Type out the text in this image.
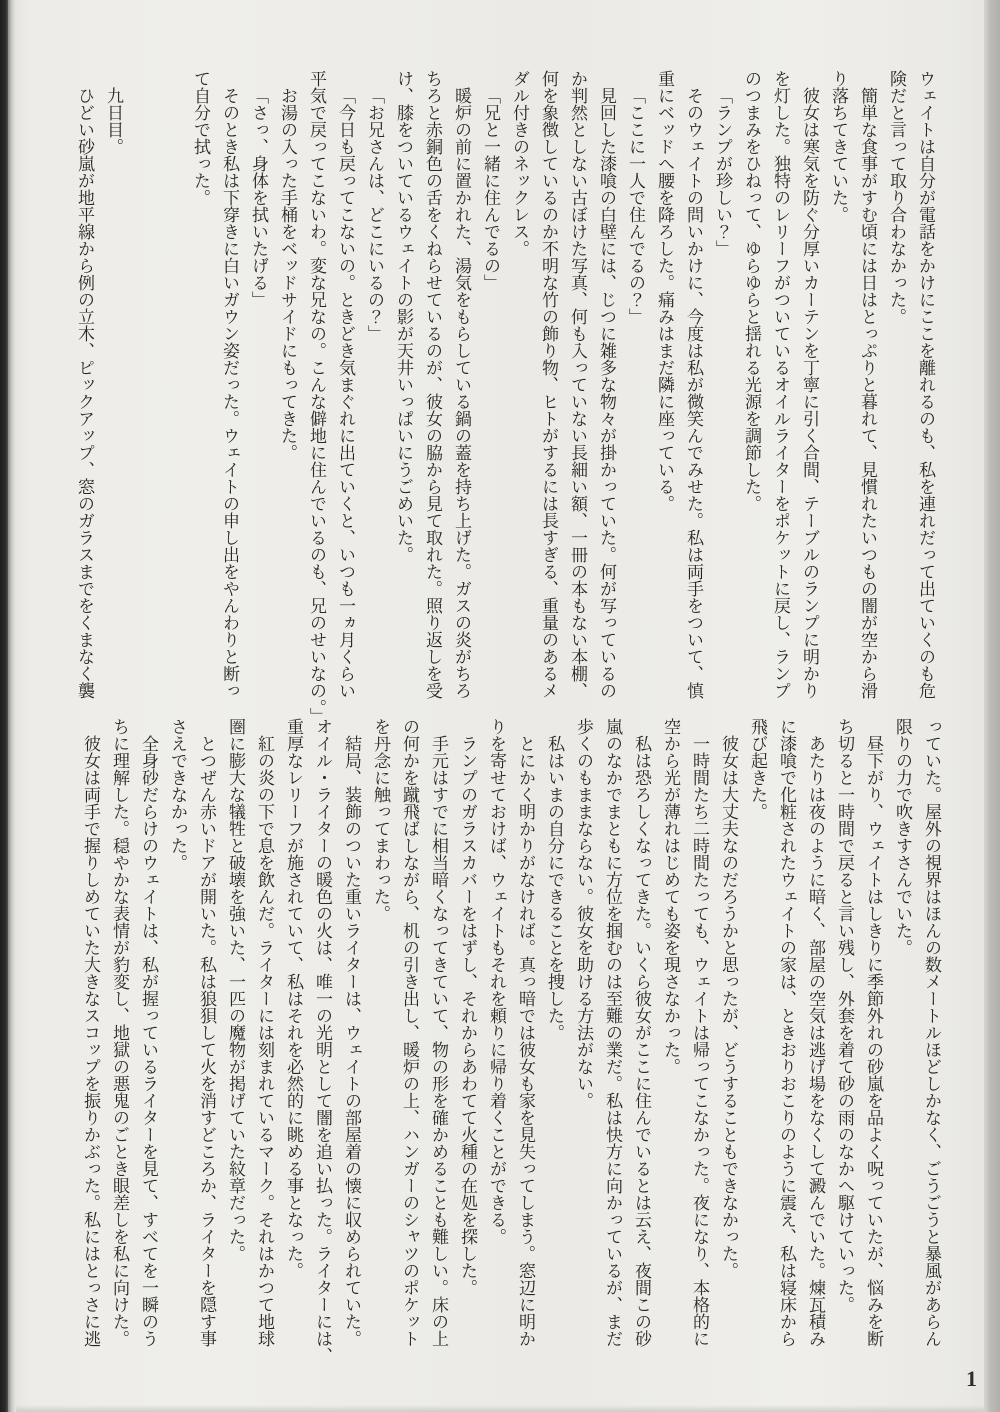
ウェイトは自分が電話をかけにここを離れるのも、私を連れだって出ていくのも危

険だと言って取り合わなかった。

簡単な食事がすむ頃には日はとっぷりと暮れて、見慣れたいつもの闇が空から滑

り落ちてきていた。

彼女は寒気を防ぐ分厚いカーテンを丁寧に引く合間、テーブルのランプに明かり

を灯した。独特のレリーフがついているオイルライターをポケットに戻し、ランプ

のつまみをひねって、ゆらゆらと揺れる光源を調節した。

「ランプが珍しい？」

そのウェイトの問いかけに、今度は私が微笑んでみせた。私は両手をついて、慎

重にベッドへ腰を降ろした。痛みはまだ隣に座っている。

「ここに一人で住んでるの？」

見回した漆喰の白壁には、じつに雑多な物々が掛かっていた。何が写っているの

か判然としない古ぼけた写真、何も入っていない長細い額、一冊の本もない本棚、

何を象徴しているのか不明な竹の飾り物、ヒトがするには長すぎる、重量のあるメ

ダル付きのネックレス。

「兄と一緒に住んでるの」

暖炉の前に置かれた、湯気をもらしている鍋の蓋を持ち上げた。ガスの炎がちろ

ちろと赤銅色の舌をくねらせているのが、彼女の脇から見て取れた。照り返しを受

け、膝をついているウェイトの影が天井いっぱいにうごめいた。

「お兄さんは、どこにいるの？」

「今日も戻ってこないの。ときどき気まぐれに出ていくと、いつも一ヵ月くらい

平気で戻ってこないわ。変な兄なの。こんな僻地に住んでいるのも、兄のせいなの。」

お湯の入った手桶をベッドサイドにもってきた。

「さっ、身体を拭いたげる」

そのとき私は下穿きに白いガウン姿だった。ウェイトの申し出をやんわりと断っ

て自分で拭った。

九日目。

ひどい砂嵐が地平線から例の立木、ピックアップ、窓のガラスまでをくまなく襲

っていた。屋外の視界はほんの数メートルほどしかなく、ごうごうと暴風があらん

限りの力で吹きすさんでいた。

昼下がり、ウェイトはしきりに季節外れの砂嵐を品よく呪っていたが、悩みを断

ち切ると一時間で戻ると言い残し、外套を着て砂の雨のなかへ駆けていった。

あたりは夜のように暗く、部屋の空気は逃げ場をなくして澱んでいた。煉瓦積み

に漆喰で化粧されたウェイトの家は、ときおりおこりのように震え、私は寝床から

飛び起きた。

彼女は大丈夫なのだろうかと思ったが、どうすることもできなかった。

一時間たち二時間たっても、ウェイトは帰ってこなかった。夜になり、本格的に

空から光が薄れはじめても姿を現さなかった。

私は恐ろしくなってきた。いくら彼女がここに住んでいるとは云え、夜間この砂

嵐のなかでまともに方位を掴むのは至難の業だ。私は快方に向かっているが、まだ

歩くのもままならない。彼女を助ける方法がない。

私はいまの自分にできることを捜した。

とにかく明かりがなければ。真っ暗では彼女も家を見失ってしまう。窓辺に明か

りを寄せておけば、ウェイトもそれを頼りに帰り着くことができる。

ランプのガラスカバーをはずし、それからあわてて火種の在処を探した。

手元はすでに相当暗くなってきていて、物の形を確かめることも難しい。床の上

の何かを蹴飛ばしながら、机の引き出し、暖炉の上、ハンガーのシャツのポケット

を丹念に触ってまわった。

結局、装飾のついた重いライターは、ウェイトの部屋着の懐に収められていた。

オイル・ライターの暖色の火は、唯一の光明として闇を追い払った。ライターには、

重厚なレリーフが施されていて、私はそれを必然的に眺める事となった。

紅の炎の下で息を飲んだ。ライターには刻まれているマーク。それはかつて地球

圏に膨大な犠牲と破壊を強いた、一匹の魔物が掲げていた紋章だった。

とつぜん赤いドアが開いた。私は狼狽して火を消すどころか、ライターを隠す事

さえできなかった。

全身砂だらけのウェイトは、私が握っているライターを見て、すべてを一瞬のう

ちに理解した。穏やかな表情が豹変し、地獄の悪鬼のごとき眼差しを私に向けた。

彼女は両手で握りしめていた大きなスコップを振りかぶった。私にはとっさに逃

1
